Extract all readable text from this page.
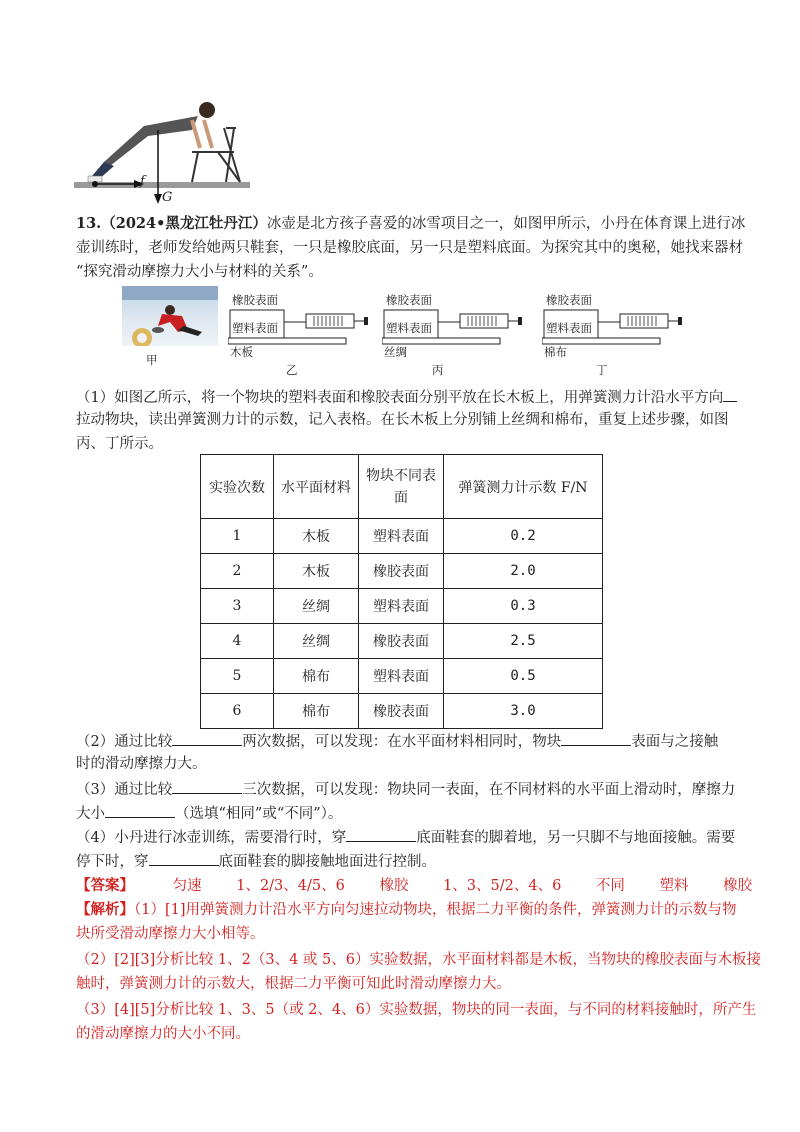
f
G
13.（2024•黑龙江牡丹江）冰壶是北方孩子喜爱的冰雪项目之一，如图甲所示，小丹在体育课上进行冰
壶训练时，老师发给她两只鞋套，一只是橡胶底面，另一只是塑料底面。为探究其中的奥秘，她找来器材
“探究滑动摩擦力大小与材料的关系”。
甲
橡胶表面
塑料表面
木板
乙
橡胶表面
塑料表面
丝绸
丙
橡胶表面
塑料表面
棉布
丁
（1）如图乙所示，将一个物块的塑料表面和橡胶表面分别平放在长木板上，用弹簧测力计沿水平方向
拉动物块，读出弹簧测力计的示数，记入表格。在长木板上分别铺上丝绸和棉布，重复上述步骤，如图
丙、丁所示。
实验次数	水平面材料	物块不同表面	弹簧测力计示数 F/N
1	木板	塑料表面	0.2
2	木板	橡胶表面	2.0
3	丝绸	塑料表面	0.3
4	丝绸	橡胶表面	2.5
5	棉布	塑料表面	0.5
6	棉布	橡胶表面	3.0
（2）通过比较	两次数据，可以发现：在水平面材料相同时，物块	表面与之接触
时的滑动摩擦力大。
（3）通过比较	三次数据，可以发现：物块同一表面，在不同材料的水平面上滑动时，摩擦力
大小	（选填“相同”或“不同”）。
（4）小丹进行冰壶训练，需要滑行时，穿	底面鞋套的脚着地，另一只脚不与地面接触。需要
停下时，穿	底面鞋套的脚接触地面进行控制。
【答案】	匀速 1、2/3、4/5、6 橡胶 1、3、5/2、4、6 不同 塑料 橡胶
【解析】（1）[1]用弹簧测力计沿水平方向匀速拉动物块，根据二力平衡的条件，弹簧测力计的示数与物
块所受滑动摩擦力大小相等。
（2）[2][3]分析比较 1、2（3、4 或 5、6）实验数据，水平面材料都是木板，当物块的橡胶表面与木板接
触时，弹簧测力计的示数大，根据二力平衡可知此时滑动摩擦力大。
（3）[4][5]分析比较 1、3、5（或 2、4、6）实验数据，物块的同一表面，与不同的材料接触时，所产生
的滑动摩擦力的大小不同。
